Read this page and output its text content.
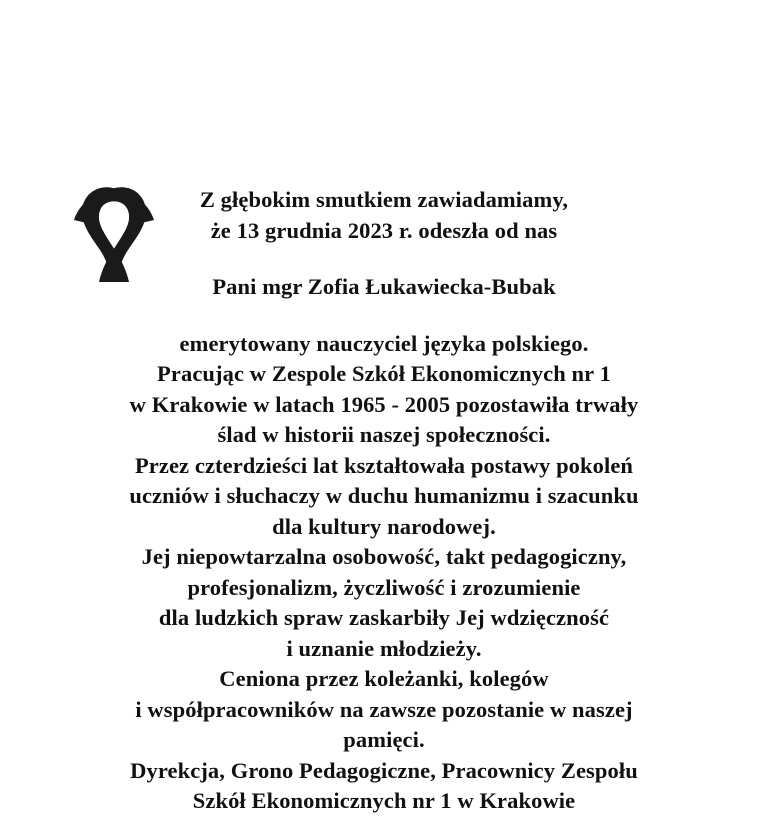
Z głębokim smutkiem zawiadamiamy,
że 13 grudnia 2023 r. odeszła od nas
Pani mgr Zofia Łukawiecka-Bubak
emerytowany nauczyciel języka polskiego.
Pracując w Zespole Szkół Ekonomicznych nr 1
w Krakowie w latach 1965 - 2005 pozostawiła trwały
ślad w historii naszej społeczności.
Przez czterdzieści lat kształtowała postawy pokoleń
uczniów i słuchaczy w duchu humanizmu i szacunku
dla kultury narodowej.
Jej niepowtarzalna osobowość, takt pedagogiczny,
profesjonalizm, życzliwość i zrozumienie
dla ludzkich spraw zaskarbiły Jej wdzięczność
i uznanie młodzieży.
Ceniona przez koleżanki, kolegów
i współpracowników na zawsze pozostanie w naszej
pamięci.
Dyrekcja, Grono Pedagogiczne, Pracownicy Zespołu
Szkół Ekonomicznych nr 1 w Krakowie
